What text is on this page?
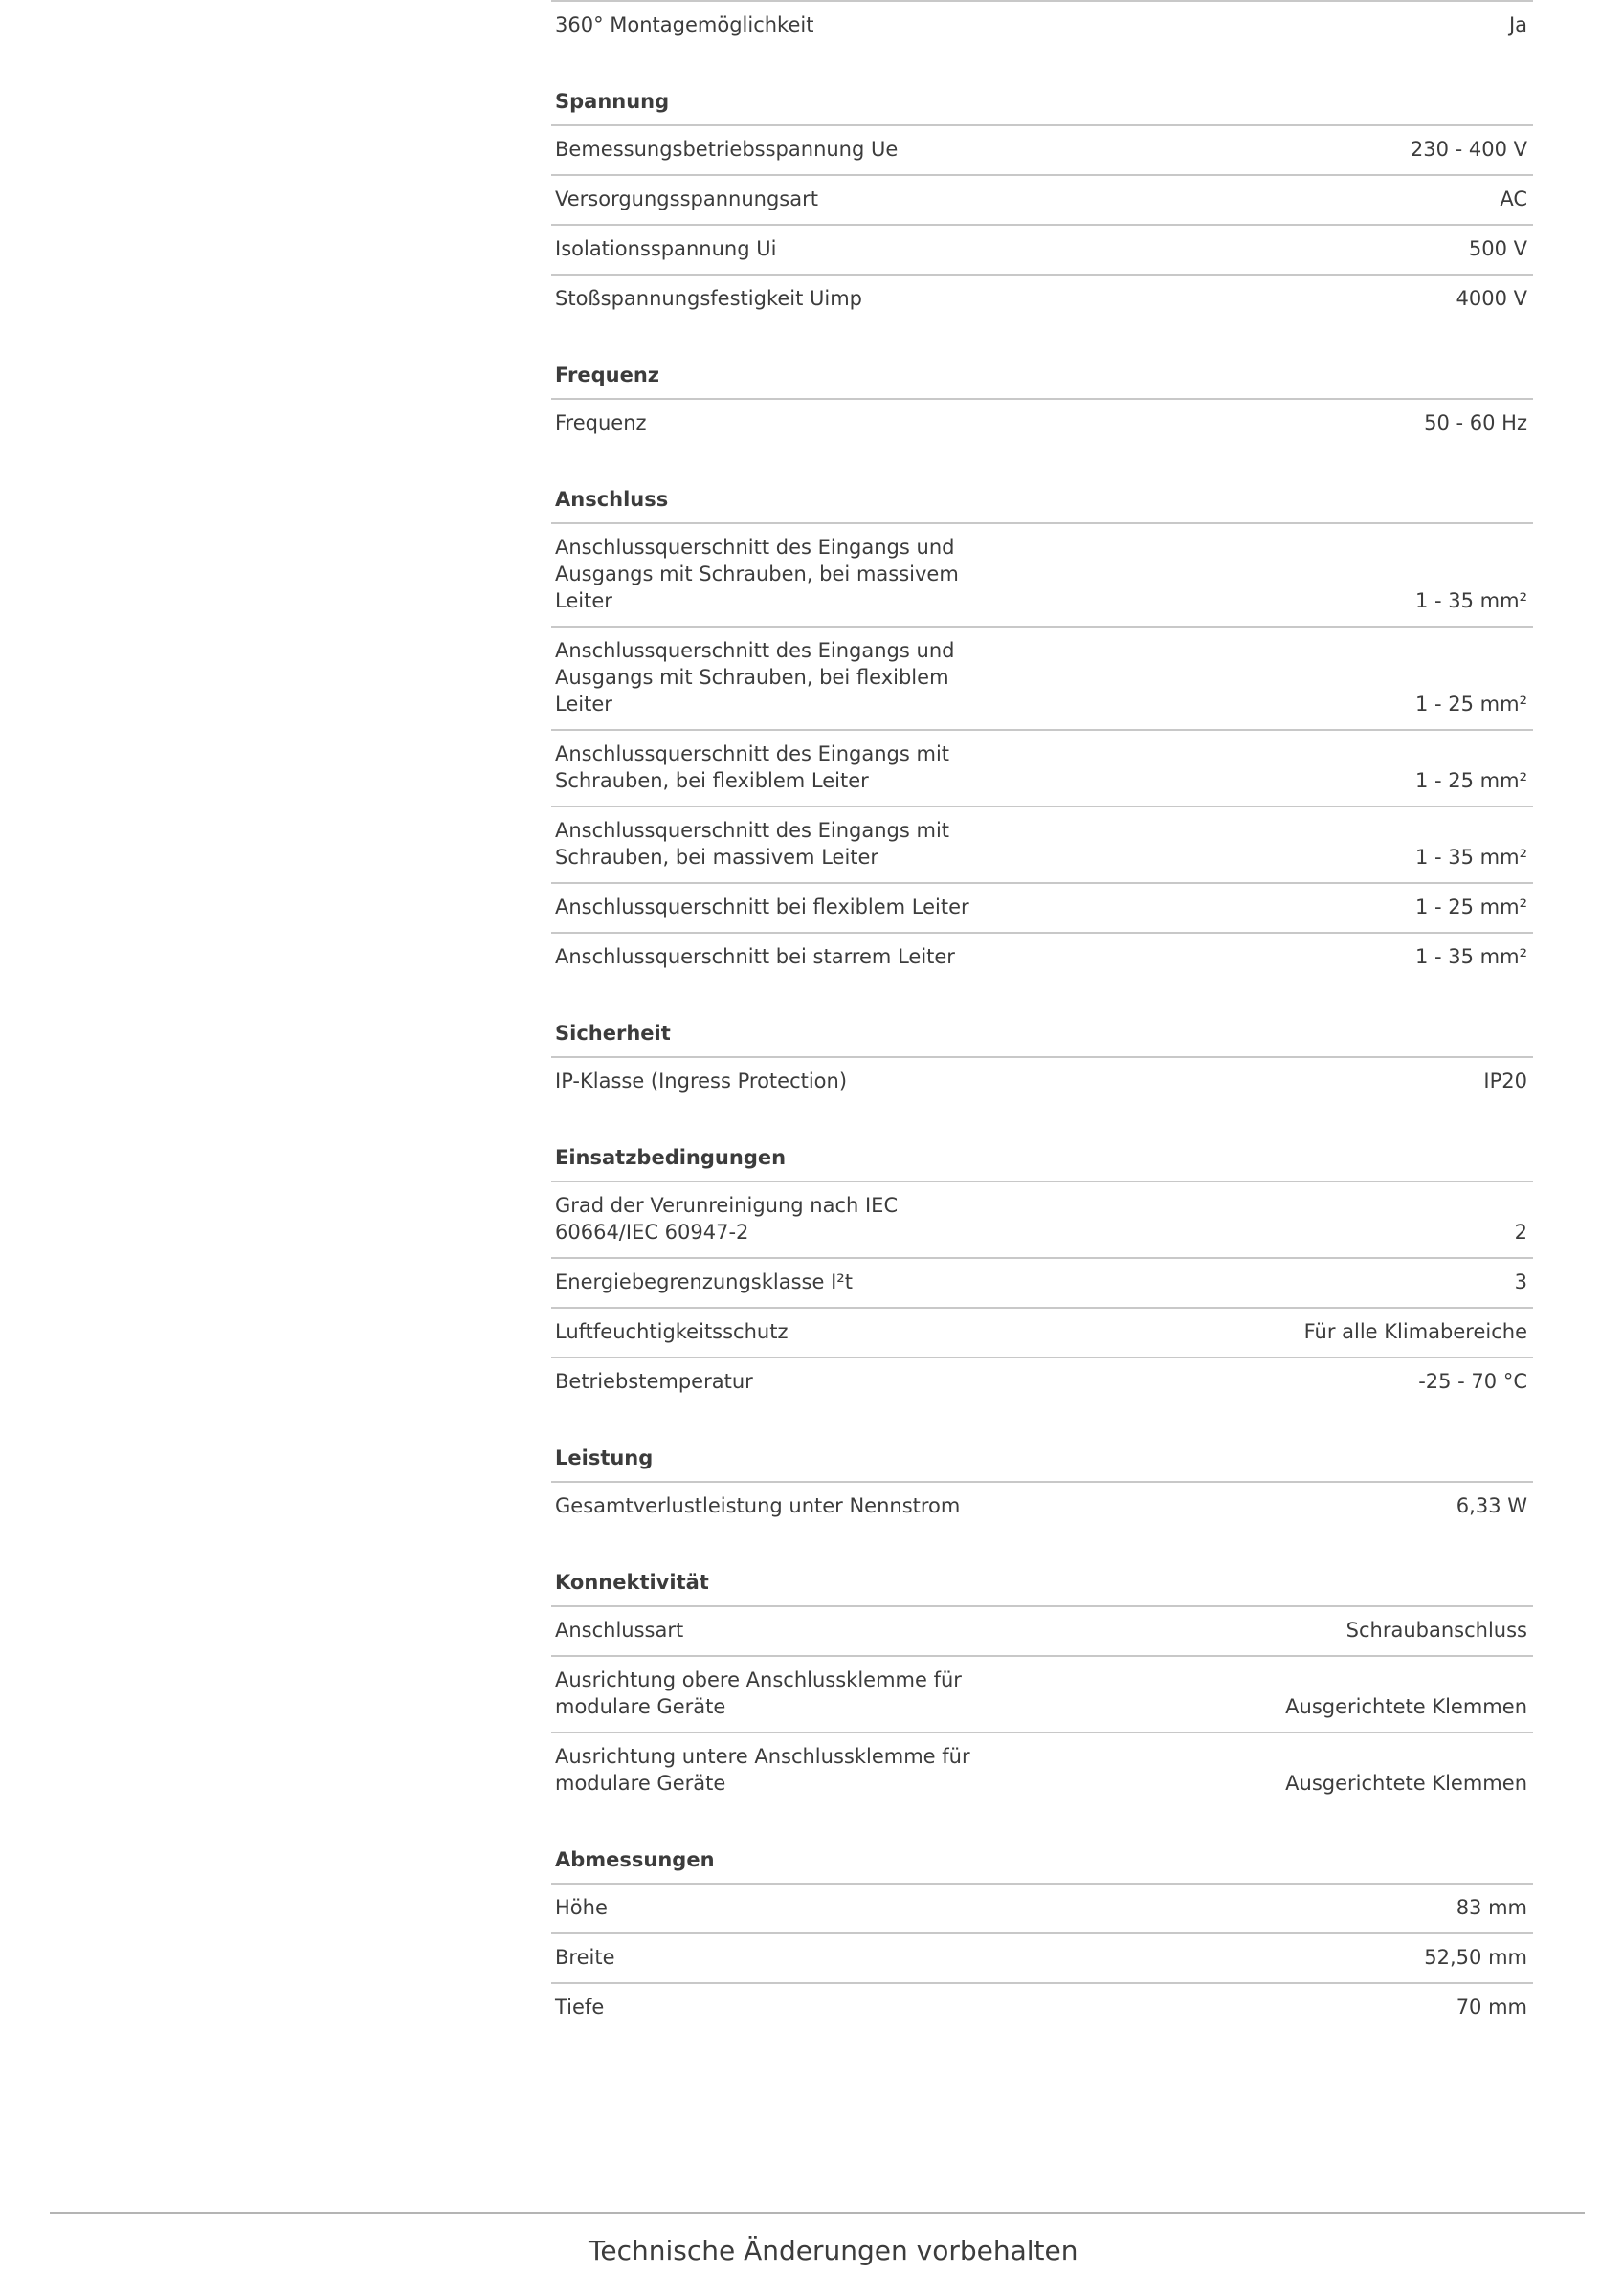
360° Montagemöglichkeit	Ja
Spannung
Bemessungsbetriebsspannung Ue	230 - 400 V
Versorgungsspannungsart	AC
Isolationsspannung Ui	500 V
Stoßspannungsfestigkeit Uimp	4000 V
Frequenz
Frequenz	50 - 60 Hz
Anschluss
Anschlussquerschnitt des Eingangs und Ausgangs mit Schrauben, bei massivem Leiter	1 - 35 mm²
Anschlussquerschnitt des Eingangs und Ausgangs mit Schrauben, bei flexiblem Leiter	1 - 25 mm²
Anschlussquerschnitt des Eingangs mit Schrauben, bei flexiblem Leiter	1 - 25 mm²
Anschlussquerschnitt des Eingangs mit Schrauben, bei massivem Leiter	1 - 35 mm²
Anschlussquerschnitt bei flexiblem Leiter	1 - 25 mm²
Anschlussquerschnitt bei starrem Leiter	1 - 35 mm²
Sicherheit
IP-Klasse (Ingress Protection)	IP20
Einsatzbedingungen
Grad der Verunreinigung nach IEC 60664/IEC 60947-2	2
Energiebegrenzungsklasse I²t	3
Luftfeuchtigkeitsschutz	Für alle Klimabereiche
Betriebstemperatur	-25 - 70 °C
Leistung
Gesamtverlustleistung unter Nennstrom	6,33 W
Konnektivität
Anschlussart	Schraubanschluss
Ausrichtung obere Anschlussklemme für modulare Geräte	Ausgerichtete Klemmen
Ausrichtung untere Anschlussklemme für modulare Geräte	Ausgerichtete Klemmen
Abmessungen
Höhe	83 mm
Breite	52,50 mm
Tiefe	70 mm
Technische Änderungen vorbehalten
